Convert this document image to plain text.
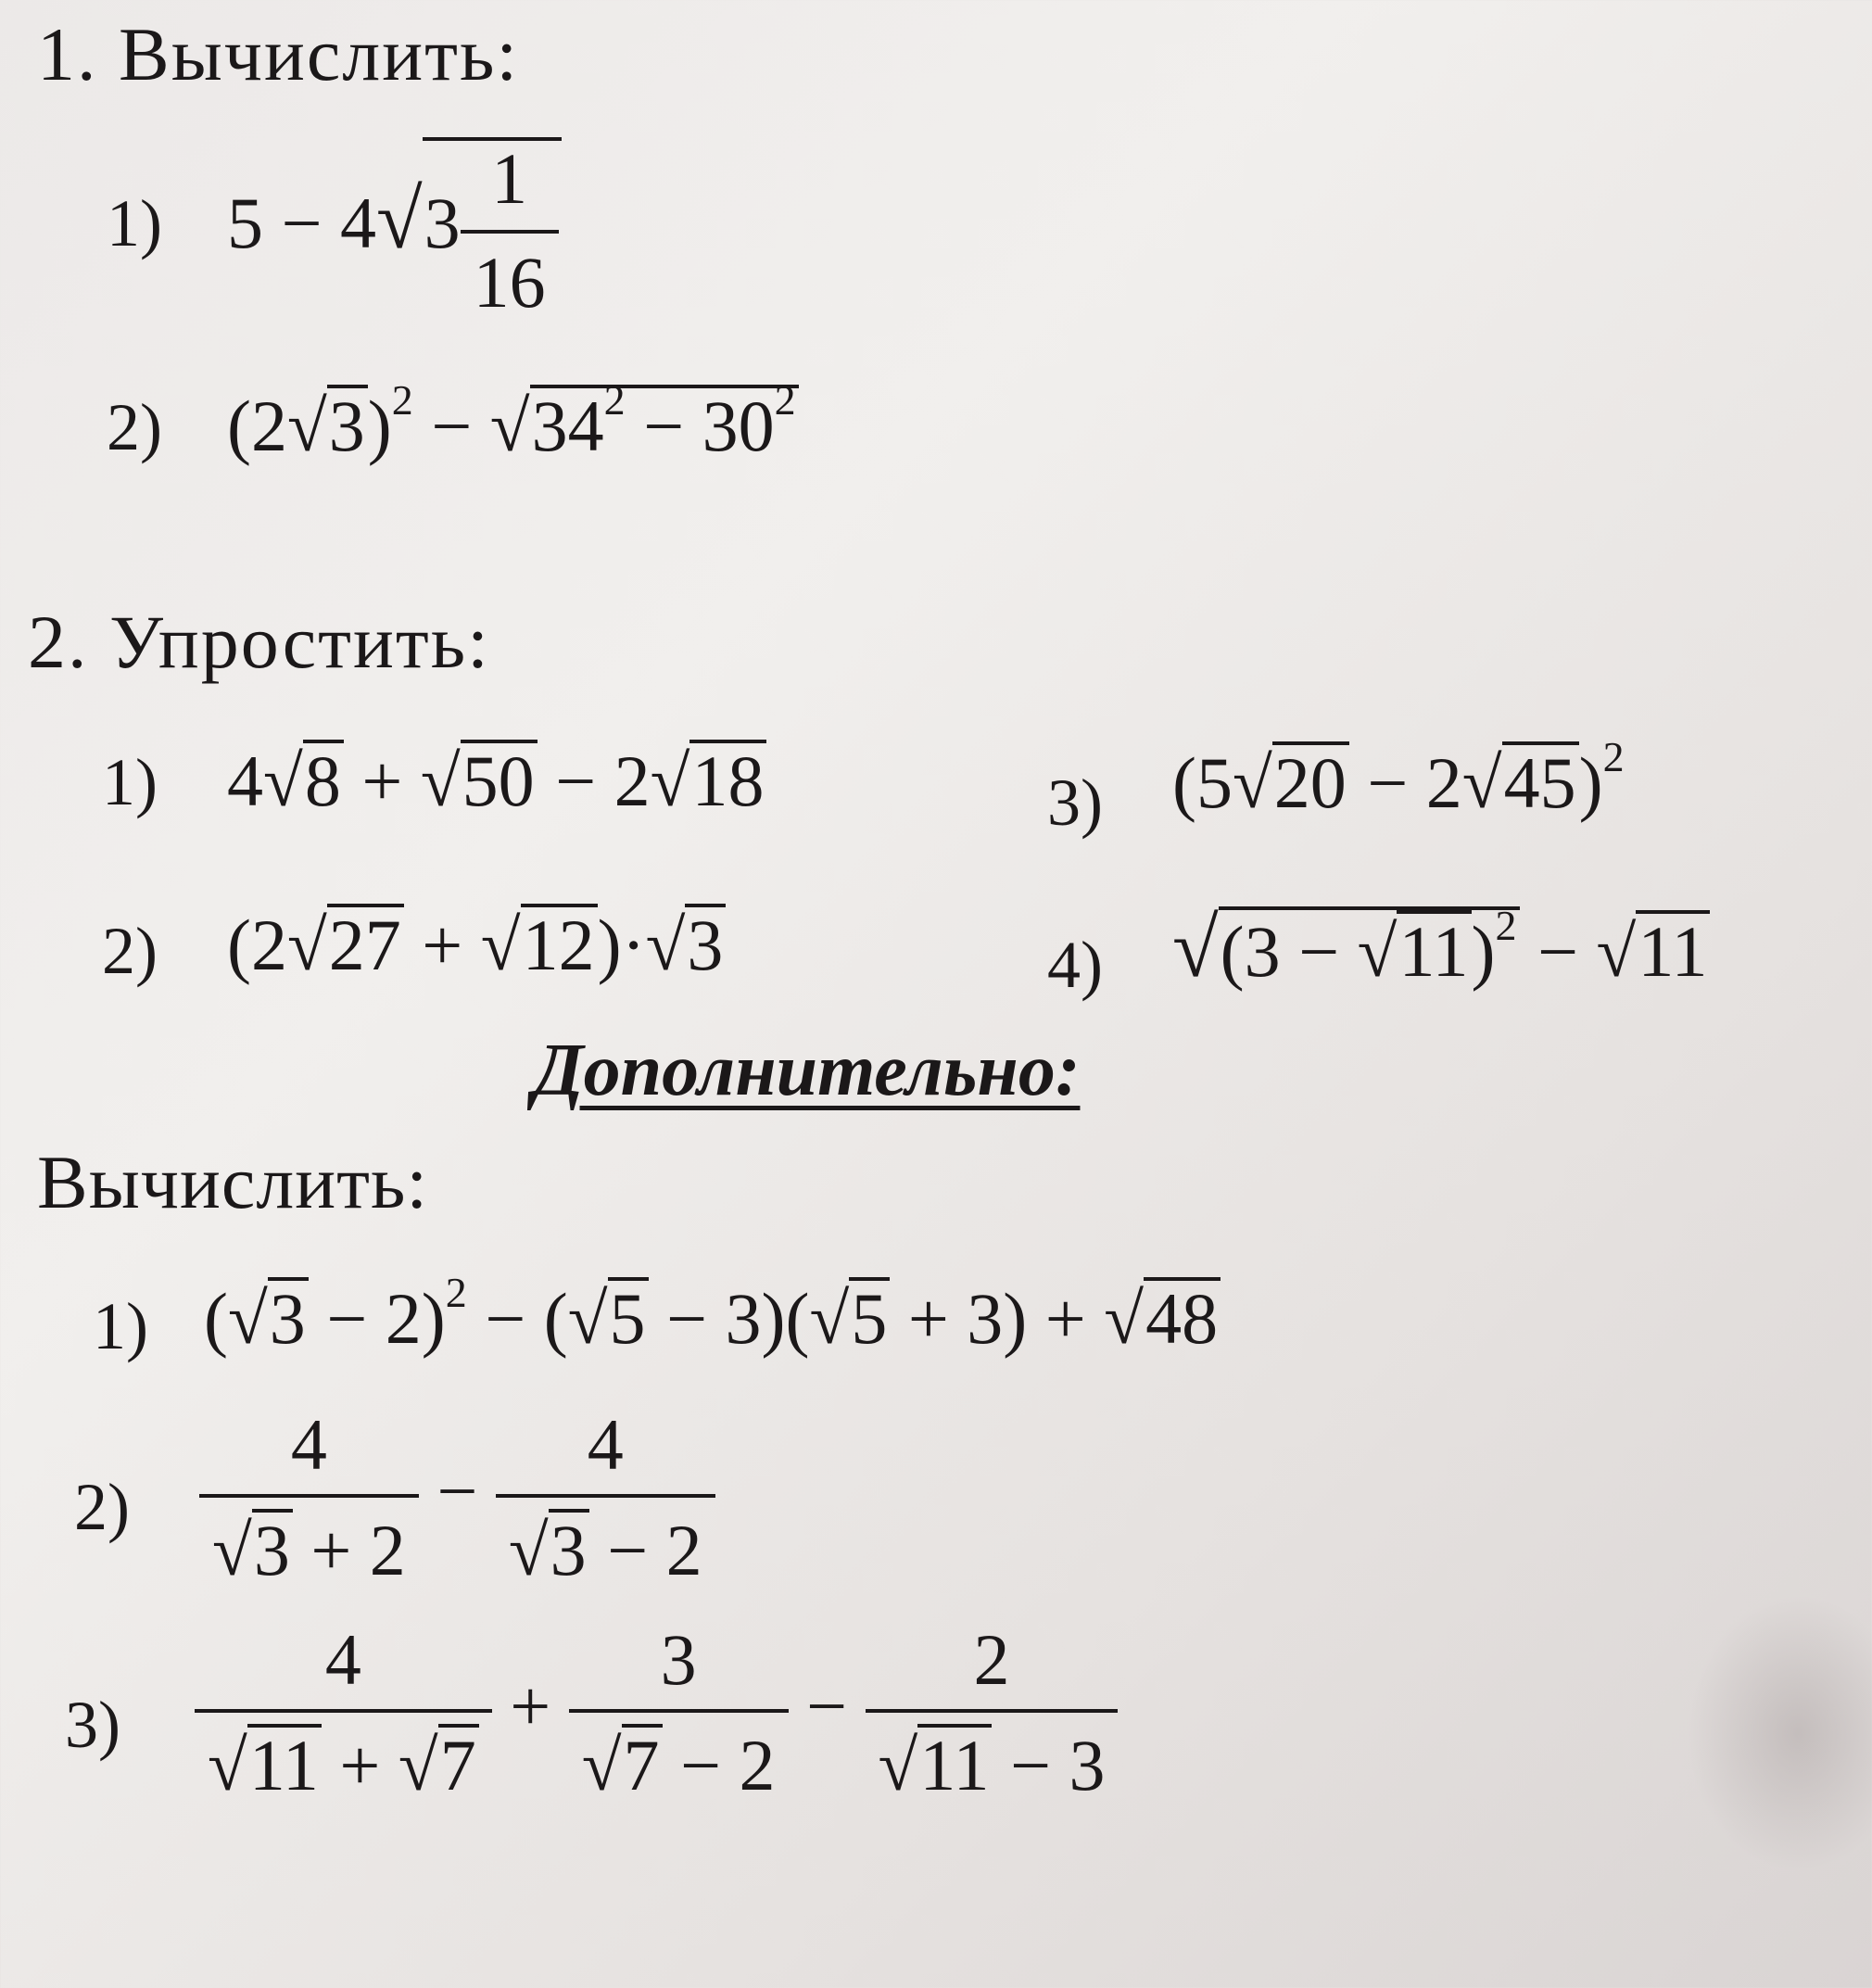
1. Вычислить:
1) $5 - 4√3 \frac{1}{16}$
2) $(2√3)^2 - √34^2 - 30^2$
2. Упростить:
1) 4√8 + √50 − 2√18
2) (2√27 + √12)·√3
3) $(5√20 - 2√45)^2$
4) $√(3 - √11)^2 - √11$
Дополнительно:
Вычислить:
1) $(√3 - 2)^2 - (√5 - 3)(√5 + 3) + √48$
$2) \frac{4}{√3 + 2} - \frac{4}{√3 - 2}$
$3) \frac{4}{√11 + √7} + \frac{3}{√7 - 2} - \frac{2}{√11 - 3}$
